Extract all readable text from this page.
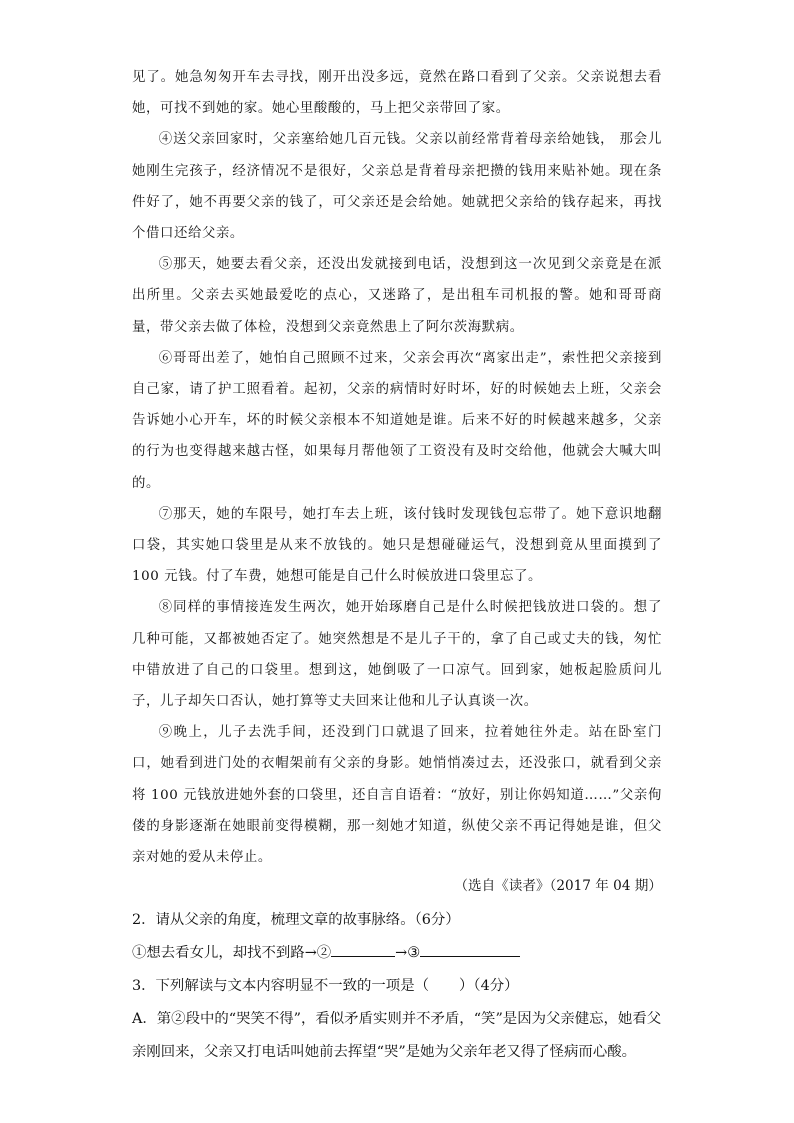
见了。她急匆匆开车去寻找，刚开出没多远，竟然在路口看到了父亲。父亲说想去看她，可找不到她的家。她心里酸酸的，马上把父亲带回了家。

④送父亲回家时，父亲塞给她几百元钱。父亲以前经常背着母亲给她钱， 那会儿她刚生完孩子，经济情况不是很好，父亲总是背着母亲把攒的钱用来贴补她。现在条件好了，她不再要父亲的钱了，可父亲还是会给她。她就把父亲给的钱存起来，再找个借口还给父亲。

⑤那天，她要去看父亲，还没出发就接到电话，没想到这一次见到父亲竟是在派出所里。父亲去买她最爱吃的点心，又迷路了，是出租车司机报的警。她和哥哥商量，带父亲去做了体检，没想到父亲竟然患上了阿尔茨海默病。

⑥哥哥出差了，她怕自己照顾不过来，父亲会再次“离家出走”，索性把父亲接到自己家，请了护工照看着。起初，父亲的病情时好时坏，好的时候她去上班，父亲会告诉她小心开车，坏的时候父亲根本不知道她是谁。后来不好的时候越来越多，父亲的行为也变得越来越古怪，如果每月帮他领了工资没有及时交给他，他就会大喊大叫的。

⑦那天，她的车限号，她打车去上班，该付钱时发现钱包忘带了。她下意识地翻口袋，其实她口袋里是从来不放钱的。她只是想碰碰运气，没想到竟从里面摸到了100 元钱。付了车费，她想可能是自己什么时候放进口袋里忘了。

⑧同样的事情接连发生两次，她开始琢磨自己是什么时候把钱放进口袋的。想了几种可能，又都被她否定了。她突然想是不是儿子干的，拿了自己或丈夫的钱，匆忙中错放进了自己的口袋里。想到这，她倒吸了一口凉气。回到家，她板起脸质问儿子，儿子却矢口否认，她打算等丈夫回来让他和儿子认真谈一次。

⑨晚上，儿子去洗手间，还没到门口就退了回来，拉着她往外走。站在卧室门口，她看到进门处的衣帽架前有父亲的身影。她悄悄凑过去，还没张口，就看到父亲将 100 元钱放进她外套的口袋里，还自言自语着：“放好，别让你妈知道……”父亲佝偻的身影逐渐在她眼前变得模糊，那一刻她才知道，纵使父亲不再记得她是谁，但父亲对她的爱从未停止。

（选自《读者》（2017 年 04 期）

2．请从父亲的角度，梳理文章的故事脉络。（6分）

①想去看女儿，却找不到路→②	→③

3．下列解读与文本内容明显不一致的一项是（ ）（4分）

A．第②段中的“哭笑不得”，看似矛盾实则并不矛盾，“笑”是因为父亲健忘，她看父亲刚回来，父亲又打电话叫她前去挥望“哭”是她为父亲年老又得了怪病而心酸。
